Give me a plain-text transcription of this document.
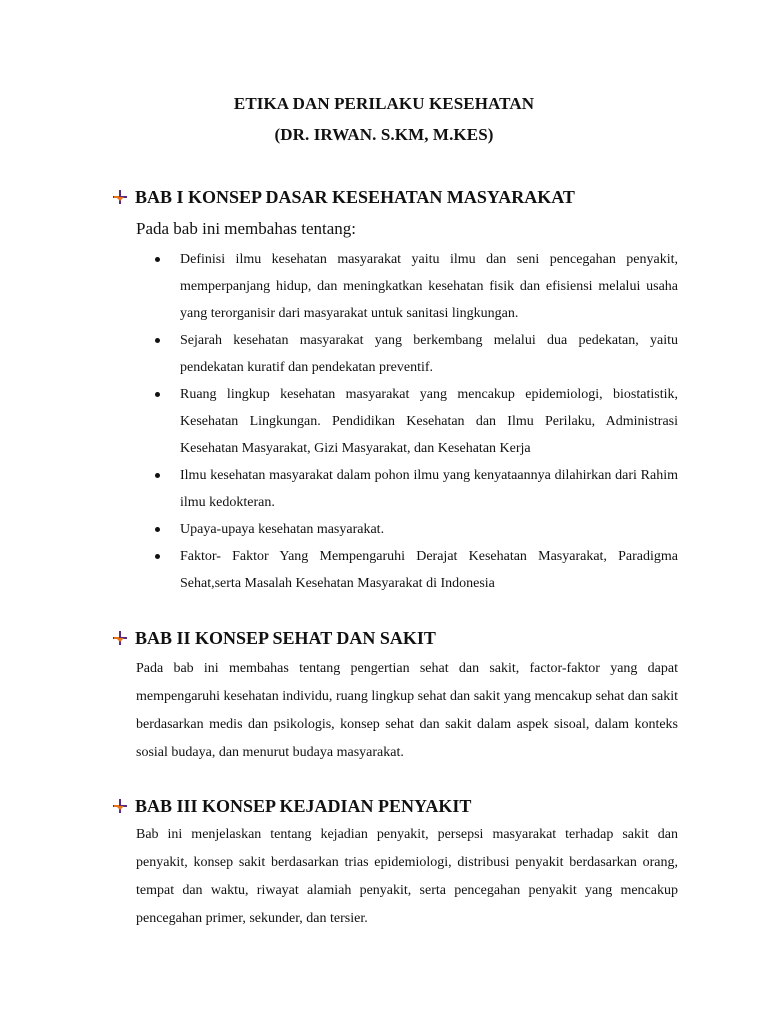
ETIKA DAN PERILAKU KESEHATAN
(DR. IRWAN. S.KM, M.KES)
BAB I KONSEP DASAR KESEHATAN MASYARAKAT
Pada bab ini membahas tentang:
Definisi ilmu kesehatan masyarakat yaitu ilmu dan seni pencegahan penyakit, memperpanjang hidup, dan meningkatkan kesehatan fisik dan efisiensi melalui usaha yang terorganisir dari masyarakat untuk sanitasi lingkungan.
Sejarah kesehatan masyarakat yang berkembang melalui dua pedekatan, yaitu pendekatan kuratif dan pendekatan preventif.
Ruang lingkup kesehatan masyarakat yang mencakup epidemiologi, biostatistik, Kesehatan Lingkungan. Pendidikan Kesehatan dan Ilmu Perilaku, Administrasi Kesehatan Masyarakat, Gizi Masyarakat, dan Kesehatan Kerja
Ilmu kesehatan masyarakat dalam pohon ilmu yang kenyataannya dilahirkan dari Rahim ilmu kedokteran.
Upaya-upaya kesehatan masyarakat.
Faktor- Faktor Yang Mempengaruhi Derajat Kesehatan Masyarakat, Paradigma Sehat,serta Masalah Kesehatan Masyarakat di Indonesia
BAB II KONSEP SEHAT DAN SAKIT

Pada bab ini membahas tentang pengertian sehat dan sakit, factor-faktor yang dapat mempengaruhi kesehatan individu, ruang lingkup sehat dan sakit yang mencakup sehat dan sakit berdasarkan medis dan psikologis, konsep sehat dan sakit dalam aspek sisoal, dalam konteks sosial budaya, dan menurut budaya masyarakat.

BAB III KONSEP KEJADIAN PENYAKIT

Bab ini menjelaskan tentang kejadian penyakit, persepsi masyarakat terhadap sakit dan penyakit, konsep sakit berdasarkan trias epidemiologi, distribusi penyakit berdasarkan orang, tempat dan waktu, riwayat alamiah penyakit, serta pencegahan penyakit yang mencakup pencegahan primer, sekunder, dan tersier.
